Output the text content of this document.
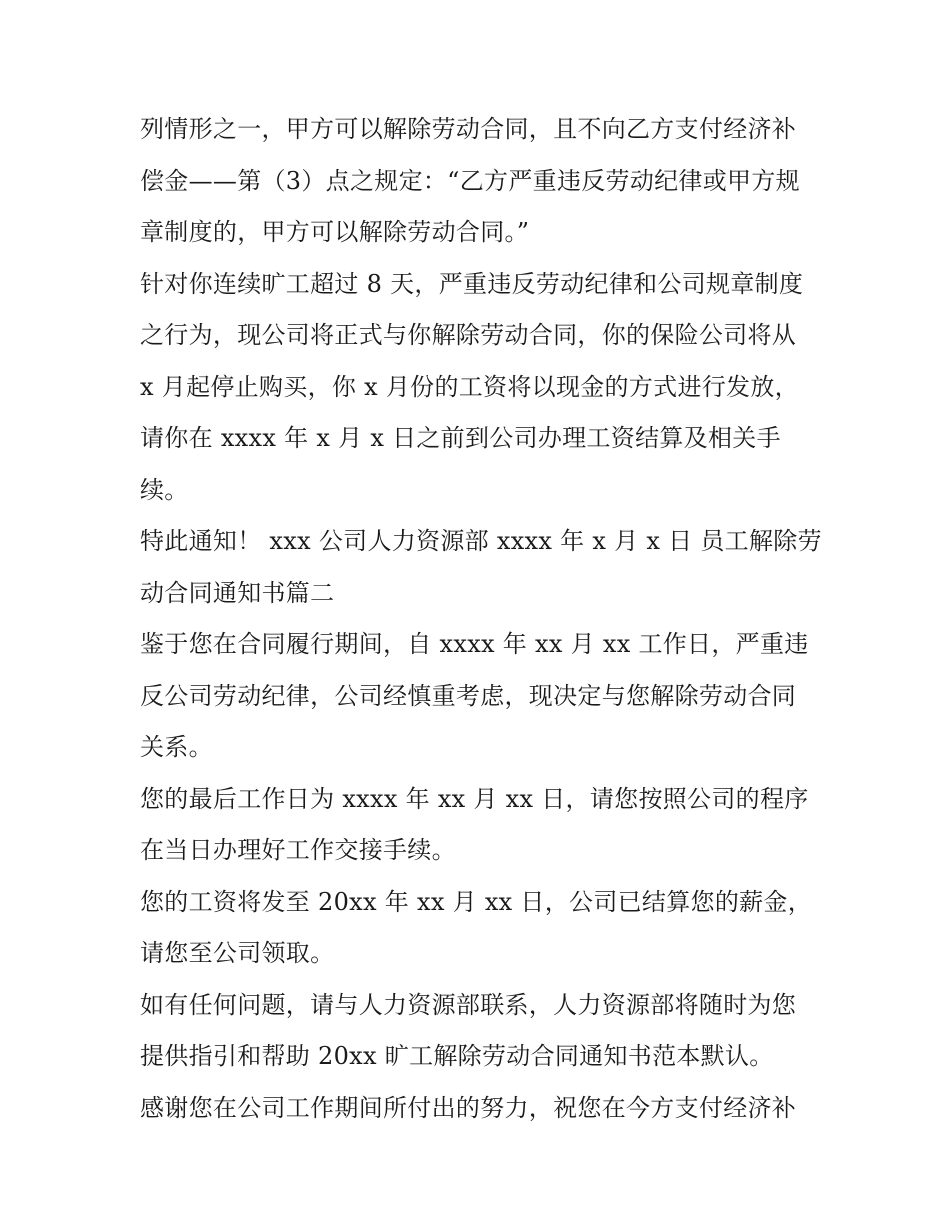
列情形之一，甲方可以解除劳动合同，且不向乙方支付经济补
偿金——第（3）点之规定：“乙方严重违反劳动纪律或甲方规
章制度的，甲方可以解除劳动合同。”
针对你连续旷工超过 8 天，严重违反劳动纪律和公司规章制度
之行为，现公司将正式与你解除劳动合同，你的保险公司将从
x 月起停止购买，你 x 月份的工资将以现金的方式进行发放，
请你在 xxxx 年 x 月 x 日之前到公司办理工资结算及相关手
续。
特此通知！ xxx 公司人力资源部 xxxx 年 x 月 x 日 员工解除劳
动合同通知书篇二
鉴于您在合同履行期间，自 xxxx 年 xx 月 xx 工作日，严重违
反公司劳动纪律，公司经慎重考虑，现决定与您解除劳动合同
关系。
您的最后工作日为 xxxx 年 xx 月 xx 日，请您按照公司的程序
在当日办理好工作交接手续。
您的工资将发至 20xx 年 xx 月 xx 日，公司已结算您的薪金，
请您至公司领取。
如有任何问题，请与人力资源部联系，人力资源部将随时为您
提供指引和帮助 20xx 旷工解除劳动合同通知书范本默认。
感谢您在公司工作期间所付出的努力，祝您在今方支付经济补
